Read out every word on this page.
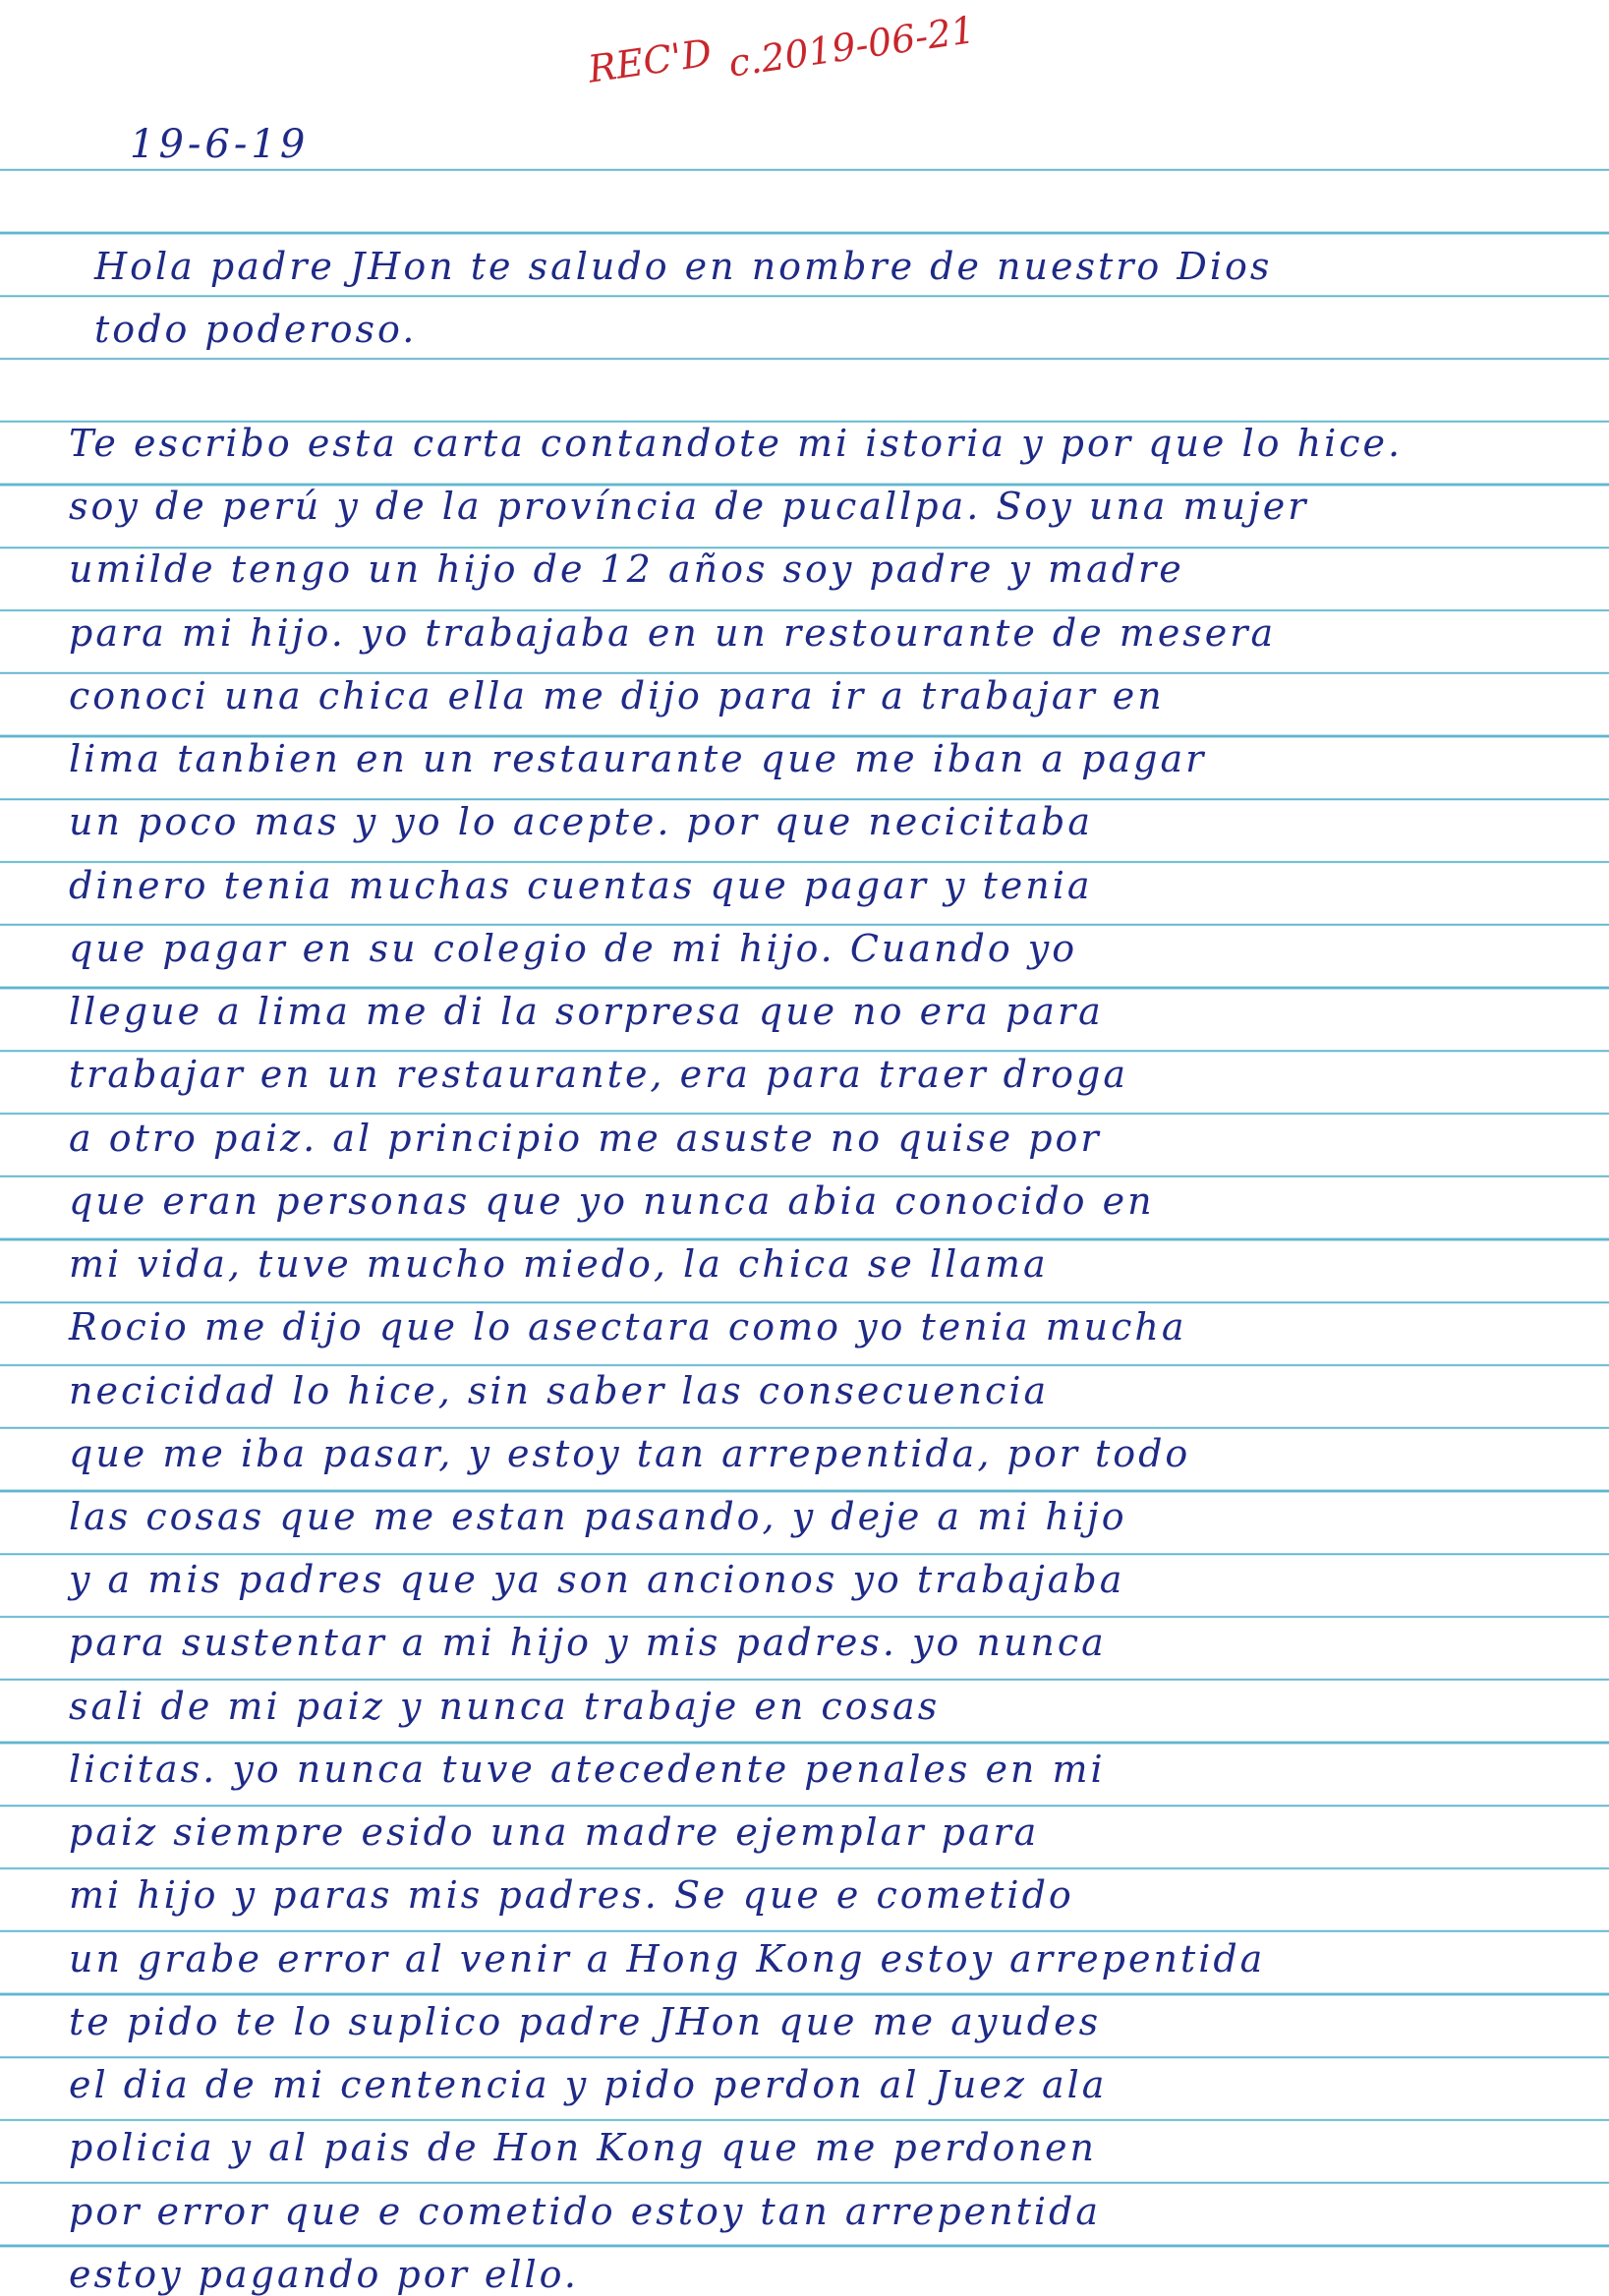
REC'D c.2019-06-21
19-6-19
Hola padre JHon te saludo en nombre de nuestro Dios
todo poderoso.
Te escribo esta carta contandote mi istoria y por que lo hice.
soy de perú y de la província de pucallpa. Soy una mujer
umilde tengo un hijo de 12 años soy padre y madre
para mi hijo. yo trabajaba en un restourante de mesera
conoci una chica ella me dijo para ir a trabajar en
lima tanbien en un restaurante que me iban a pagar
un poco mas y yo lo acepte. por que necicitaba
dinero tenia muchas cuentas que pagar y tenia
que pagar en su colegio de mi hijo. Cuando yo
llegue a lima me di la sorpresa que no era para
trabajar en un restaurante, era para traer droga
a otro paiz. al principio me asuste no quise por
que eran personas que yo nunca abia conocido en
mi vida, tuve mucho miedo, la chica se llama
Rocio me dijo que lo asectara como yo tenia mucha
necicidad lo hice, sin saber las consecuencia
que me iba pasar, y estoy tan arrepentida, por todo
las cosas que me estan pasando, y deje a mi hijo
y a mis padres que ya son ancionos yo trabajaba
para sustentar a mi hijo y mis padres. yo nunca
sali de mi paiz y nunca trabaje en cosas
licitas. yo nunca tuve atecedente penales en mi
paiz siempre esido una madre ejemplar para
mi hijo y paras mis padres. Se que e cometido
un grabe error al venir a Hong Kong estoy arrepentida
te pido te lo suplico padre JHon que me ayudes
el dia de mi centencia y pido perdon al Juez ala
policia y al pais de Hon Kong que me perdonen
por error que e cometido estoy tan arrepentida
estoy pagando por ello.
